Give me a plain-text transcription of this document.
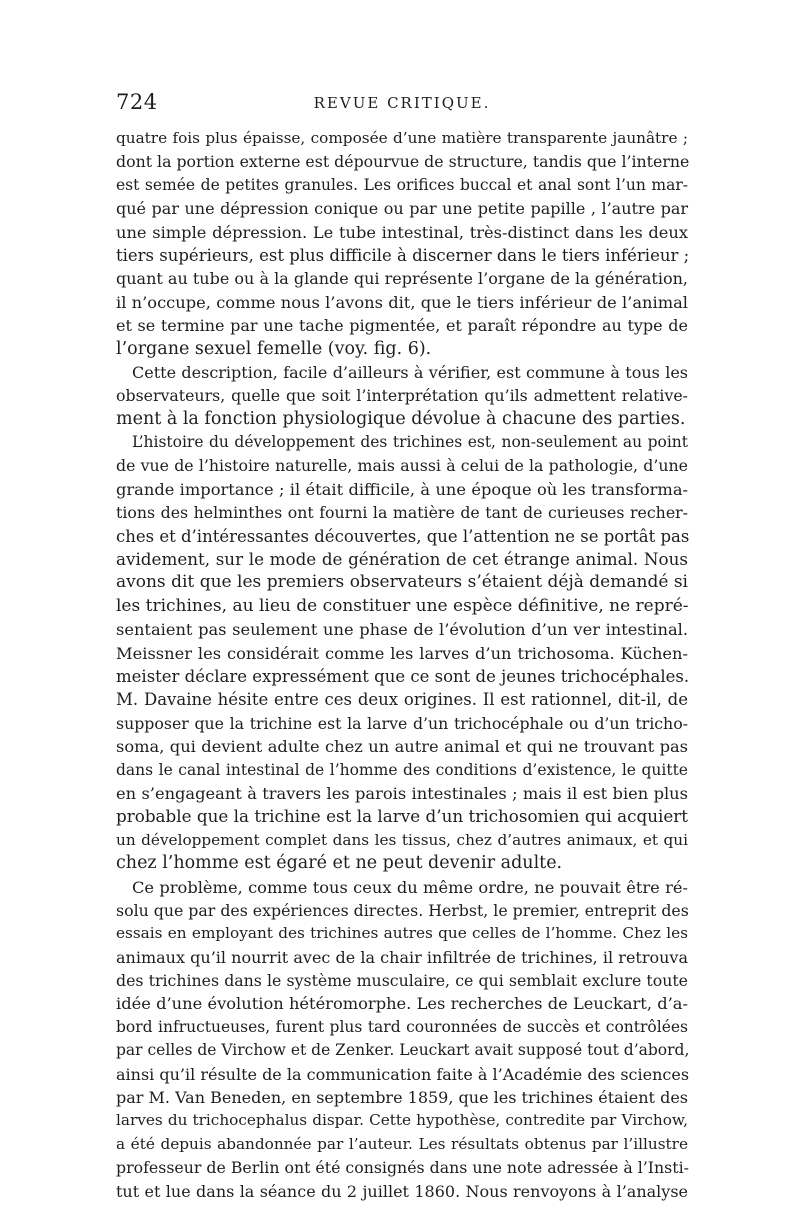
724	REVUE CRITIQUE.
quatre fois plus épaisse, composée d’une matière transparente jaunâtre ;
dont la portion externe est dépourvue de structure, tandis que l’interne
est semée de petites granules. Les orifices buccal et anal sont l’un mar-
qué par une dépression conique ou par une petite papille , l’autre par
une simple dépression. Le tube intestinal, très-distinct dans les deux
tiers supérieurs, est plus difficile à discerner dans le tiers inférieur ;
quant au tube ou à la glande qui représente l’organe de la génération,
il n’occupe, comme nous l’avons dit, que le tiers inférieur de l’animal
et se termine par une tache pigmentée, et paraît répondre au type de
l’organe sexuel femelle (voy. fig. 6).
Cette description, facile d’ailleurs à vérifier, est commune à tous les
observateurs, quelle que soit l’interprétation qu’ils admettent relative-
ment à la fonction physiologique dévolue à chacune des parties.
L’histoire du développement des trichines est, non-seulement au point
de vue de l’histoire naturelle, mais aussi à celui de la pathologie, d’une
grande importance ; il était difficile, à une époque où les transforma-
tions des helminthes ont fourni la matière de tant de curieuses recher-
ches et d’intéressantes découvertes, que l’attention ne se portât pas
avidement, sur le mode de génération de cet étrange animal. Nous
avons dit que les premiers observateurs s’étaient déjà demandé si
les trichines, au lieu de constituer une espèce définitive, ne repré-
sentaient pas seulement une phase de l’évolution d’un ver intestinal.
Meissner les considérait comme les larves d’un trichosoma. Küchen-
meister déclare expressément que ce sont de jeunes trichocéphales.
M. Davaine hésite entre ces deux origines. Il est rationnel, dit-il, de
supposer que la trichine est la larve d’un trichocéphale ou d’un tricho-
soma, qui devient adulte chez un autre animal et qui ne trouvant pas
dans le canal intestinal de l’homme des conditions d’existence, le quitte
en s’engageant à travers les parois intestinales ; mais il est bien plus
probable que la trichine est la larve d’un trichosomien qui acquiert
un développement complet dans les tissus, chez d’autres animaux, et qui
chez l’homme est égaré et ne peut devenir adulte.
Ce problème, comme tous ceux du même ordre, ne pouvait être ré-
solu que par des expériences directes. Herbst, le premier, entreprit des
essais en employant des trichines autres que celles de l’homme. Chez les
animaux qu’il nourrit avec de la chair infiltrée de trichines, il retrouva
des trichines dans le système musculaire, ce qui semblait exclure toute
idée d’une évolution hétéromorphe. Les recherches de Leuckart, d’a-
bord infructueuses, furent plus tard couronnées de succès et contrôlées
par celles de Virchow et de Zenker. Leuckart avait supposé tout d’abord,
ainsi qu’il résulte de la communication faite à l’Académie des sciences
par M. Van Beneden, en septembre 1859, que les trichines étaient des
larves du trichocephalus dispar. Cette hypothèse, contredite par Virchow,
a été depuis abandonnée par l’auteur. Les résultats obtenus par l’illustre
professeur de Berlin ont été consignés dans une note adressée à l’Insti-
tut et lue dans la séance du 2 juillet 1860. Nous renvoyons à l’analyse
